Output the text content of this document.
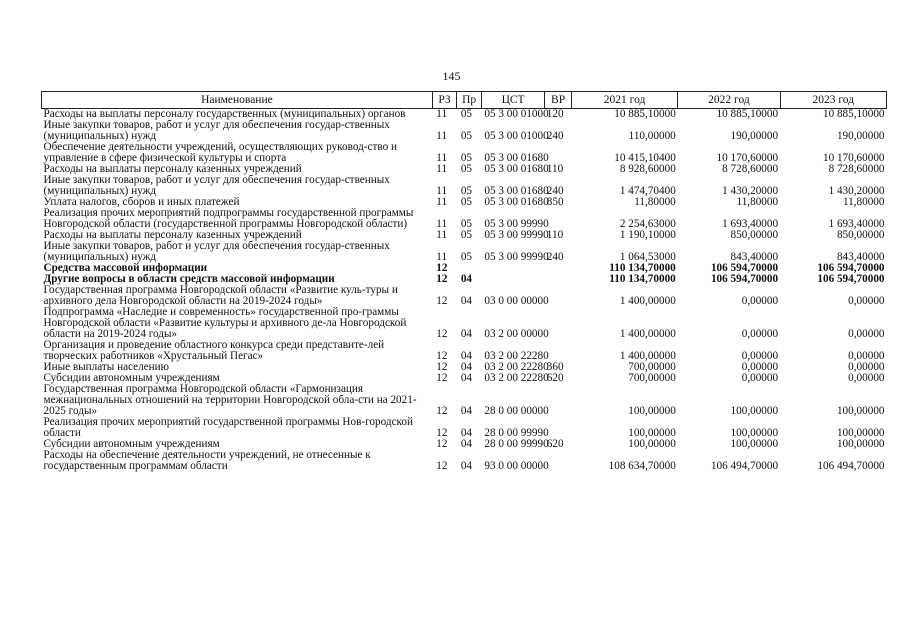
145
Наименование	РЗ	Пр	ЦСТ	ВР	2021 год	2022 год	2023 год
Расходы на выплаты персоналу государственных (муниципальных) органов	11	05	05 3 00 01000	120	10 885,10000	10 885,10000	10 885,10000
Иные закупки товаров, работ и услуг для обеспечения государ-ственных (муниципальных) нужд	11	05	05 3 00 01000	240	110,00000	190,00000	190,00000
Обеспечение деятельности учреждений, осуществляющих руковод-ство и управление в сфере физической культуры и спорта	11	05	05 3 00 01680		10 415,10400	10 170,60000	10 170,60000
Расходы на выплаты персоналу казенных учреждений	11	05	05 3 00 01680	110	8 928,60000	8 728,60000	8 728,60000
Иные закупки товаров, работ и услуг для обеспечения государ-ственных (муниципальных) нужд	11	05	05 3 00 01680	240	1 474,70400	1 430,20000	1 430,20000
Уплата налогов, сборов и иных платежей	11	05	05 3 00 01680	850	11,80000	11,80000	11,80000
Реализация прочих мероприятий подпрограммы государственной программы Новгородской области (государственной программы Новгородской области)	11	05	05 3 00 99990		2 254,63000	1 693,40000	1 693,40000
Расходы на выплаты персоналу казенных учреждений	11	05	05 3 00 99990	110	1 190,10000	850,00000	850,00000
Иные закупки товаров, работ и услуг для обеспечения государ-ственных (муниципальных) нужд	11	05	05 3 00 99990	240	1 064,53000	843,40000	843,40000
Средства массовой информации	12				110 134,70000	106 594,70000	106 594,70000
Другие вопросы в области средств массовой информации	12	04			110 134,70000	106 594,70000	106 594,70000
Государственная программа Новгородской области «Развитие куль-туры и архивного дела Новгородской области на 2019-2024 годы»	12	04	03 0 00 00000		1 400,00000	0,00000	0,00000
Подпрограмма «Наследие и современность» государственной про-граммы Новгородской области «Развитие культуры и архивного де-ла Новгородской области на 2019-2024 годы»	12	04	03 2 00 00000		1 400,00000	0,00000	0,00000
Организация и проведение областного конкурса среди представите-лей творческих работников «Хрустальный Пегас»	12	04	03 2 00 22280		1 400,00000	0,00000	0,00000
Иные выплаты населению	12	04	03 2 00 22280	360	700,00000	0,00000	0,00000
Субсидии автономным учреждениям	12	04	03 2 00 22280	620	700,00000	0,00000	0,00000
Государственная программа Новгородской области «Гармонизация межнациональных отношений на территории Новгородской обла-сти на 2021-2025 годы»	12	04	28 0 00 00000		100,00000	100,00000	100,00000
Реализация прочих мероприятий государственной программы Нов-городской области	12	04	28 0 00 99990		100,00000	100,00000	100,00000
Субсидии автономным учреждениям	12	04	28 0 00 99990	620	100,00000	100,00000	100,00000
Расходы на обеспечение деятельности учреждений, не отнесенные к государственным программам области	12	04	93 0 00 00000		108 634,70000	106 494,70000	106 494,70000
